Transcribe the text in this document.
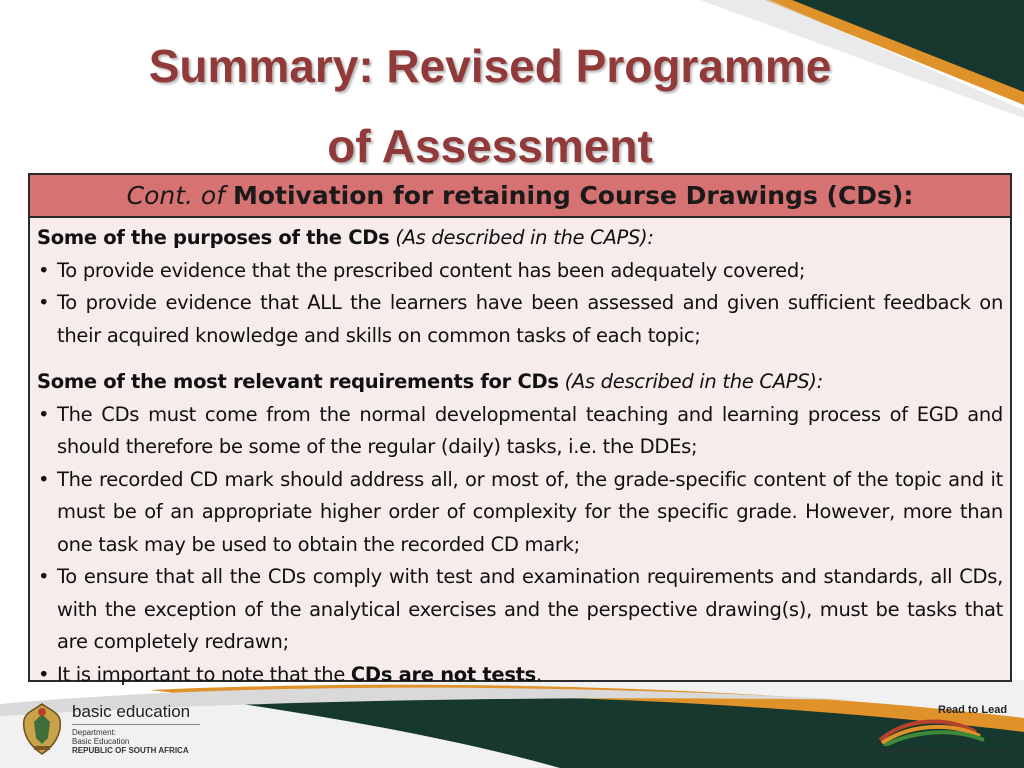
Summary: Revised Programme
of Assessment
Cont. of Motivation for retaining Course Drawings (CDs):

Some of the purposes of the CDs (As described in the CAPS):

• To provide evidence that the prescribed content has been adequately covered;
• To provide evidence that ALL the learners have been assessed and given sufficient feedback on their acquired knowledge and skills on common tasks of each topic;

Some of the most relevant requirements for CDs (As described in the CAPS):

• The CDs must come from the normal developmental teaching and learning process of EGD and should therefore be some of the regular (daily) tasks, i.e. the DDEs;
• The recorded CD mark should address all, or most of, the grade-specific content of the topic and it must be of an appropriate higher order of complexity for the specific grade. However, more than one task may be used to obtain the recorded CD mark;
• To ensure that all the CDs comply with test and examination requirements and standards, all CDs, with the exception of the analytical exercises and the perspective drawing(s), must be tasks that are completely redrawn;
• It is important to note that the CDs are not tests.
basic education
Department:
Basic Education
REPUBLIC OF SOUTH AFRICA
Read to Lead
A Reading Nation is a Leading Nation
